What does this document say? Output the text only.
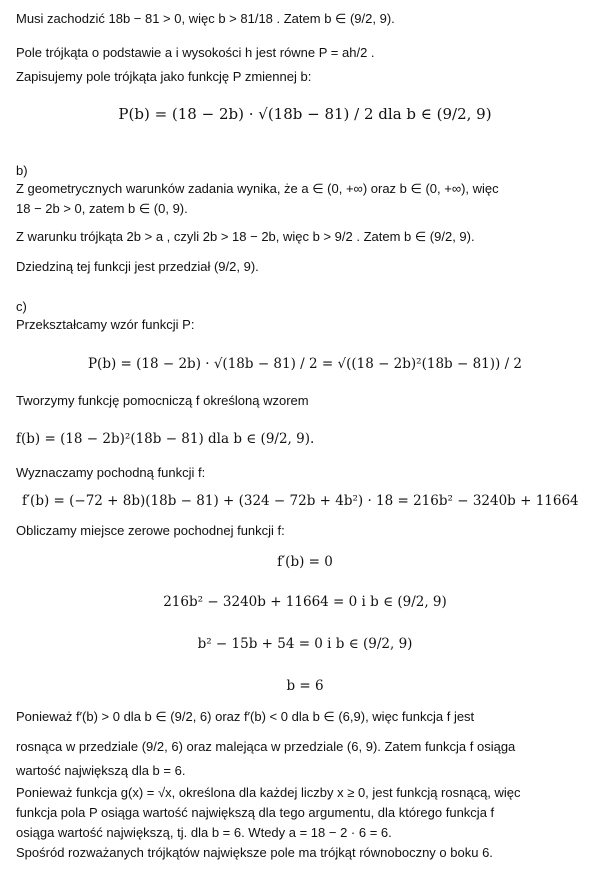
Musi zachodzić 18b − 81 > 0, więc b > 81/18 . Zatem b ∈ (9/2, 9).
Pole trójkąta o podstawie a i wysokości h jest równe P = ah/2 .
Zapisujemy pole trójkąta jako funkcję P zmiennej b:
P(b) = (18 − 2b) · √(18b − 81) / 2 dla b ∈ (9/2, 9)
b)
Z geometrycznych warunków zadania wynika, że a ∈ (0, +∞) oraz b ∈ (0, +∞), więc
18 − 2b > 0, zatem b ∈ (0, 9).
Z warunku trójkąta 2b > a , czyli 2b > 18 − 2b, więc b > 9/2 . Zatem b ∈ (9/2, 9).
Dziedziną tej funkcji jest przedział (9/2, 9).
c)
Przekształcamy wzór funkcji P:
P(b) = (18 − 2b) · √(18b − 81) / 2 = √((18 − 2b)²(18b − 81)) / 2
Tworzymy funkcję pomocniczą f określoną wzorem
f(b) = (18 − 2b)²(18b − 81) dla b ∈ (9/2, 9).
Wyznaczamy pochodną funkcji f:
f′(b) = (−72 + 8b)(18b − 81) + (324 − 72b + 4b²) · 18 = 216b² − 3240b + 11664
Obliczamy miejsce zerowe pochodnej funkcji f:
f′(b) = 0
216b² − 3240b + 11664 = 0 i b ∈ (9/2, 9)
b² − 15b + 54 = 0 i b ∈ (9/2, 9)
b = 6
Ponieważ f′(b) > 0 dla b ∈ (9/2, 6) oraz f′(b) < 0 dla b ∈ (6,9), więc funkcja f jest
rosnąca w przedziale (9/2, 6) oraz malejąca w przedziale (6, 9). Zatem funkcja f osiąga
wartość największą dla b = 6.
Ponieważ funkcja g(x) = √x, określona dla każdej liczby x ≥ 0, jest funkcją rosnącą, więc
funkcja pola P osiąga wartość największą dla tego argumentu, dla którego funkcja f
osiąga wartość największą, tj. dla b = 6. Wtedy a = 18 − 2 · 6 = 6.
Spośród rozważanych trójkątów największe pole ma trójkąt równoboczny o boku 6.
